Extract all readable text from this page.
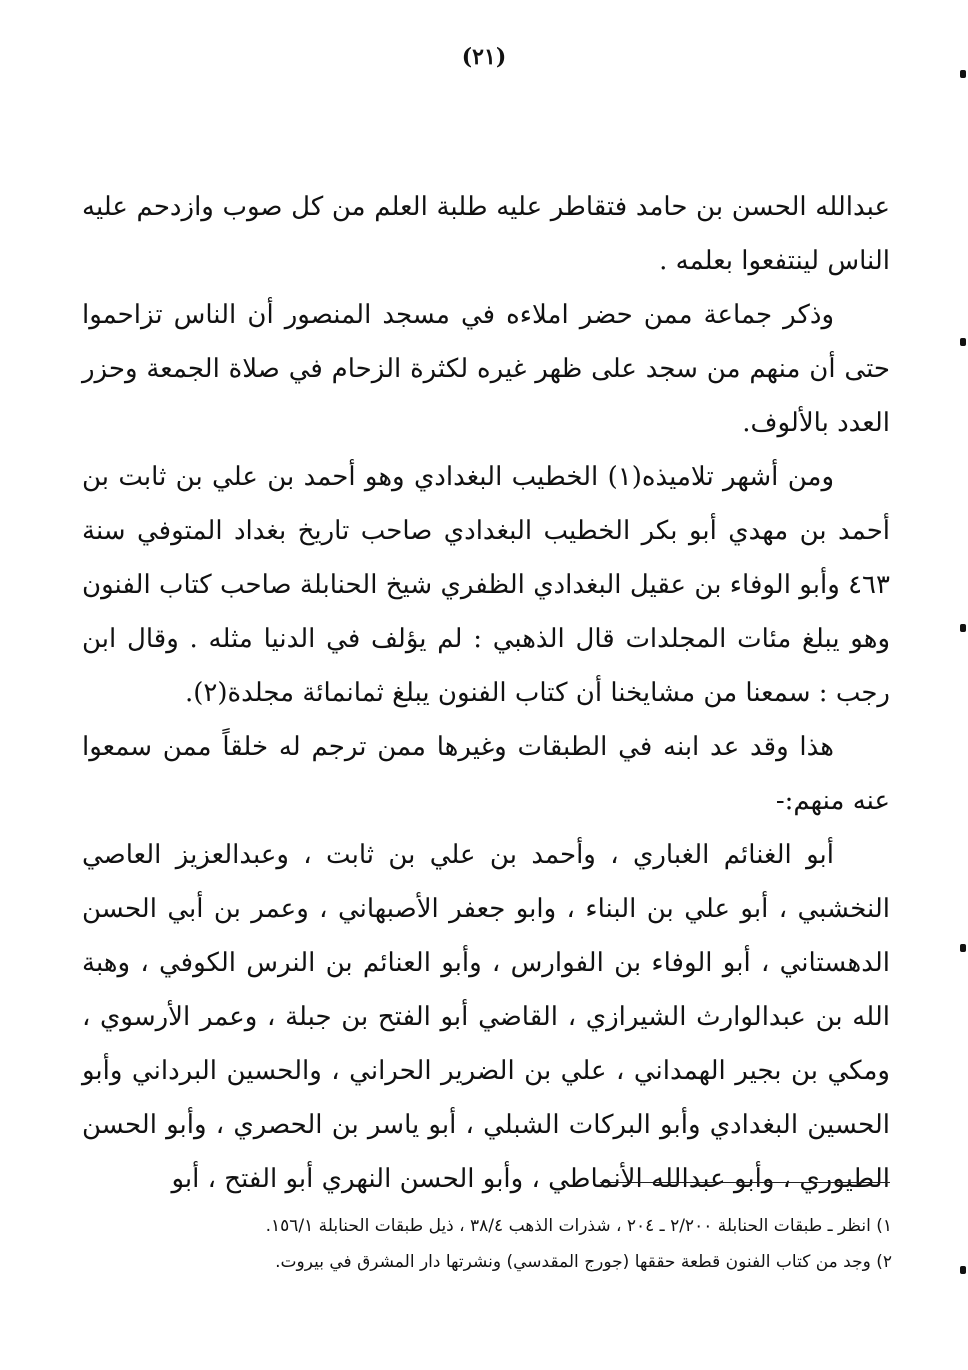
(٢١)

عبدالله الحسن بن حامد فتقاطر عليه طلبة العلم من كل صوب وازدحم عليه الناس لينتفعوا بعلمه .

وذكر جماعة ممن حضر املاءه في مسجد المنصور أن الناس تزاحموا حتى أن منهم من سجد على ظهر غيره لكثرة الزحام في صلاة الجمعة وحزر العدد بالألوف.

ومن أشهر تلاميذه(١) الخطيب البغدادي وهو أحمد بن علي بن ثابت بن أحمد بن مهدي أبو بكر الخطيب البغدادي صاحب تاريخ بغداد المتوفي سنة ٤٦٣ وأبو الوفاء بن عقيل البغدادي الظفري شيخ الحنابلة صاحب كتاب الفنون وهو يبلغ مئات المجلدات قال الذهبي : لم يؤلف في الدنيا مثله . وقال ابن رجب : سمعنا من مشايخنا أن كتاب الفنون يبلغ ثمانمائة مجلدة(٢).

هذا وقد عد ابنه في الطبقات وغيرها ممن ترجم له خلقاً ممن سمعوا عنه منهم:-

أبو الغنائم الغباري ، وأحمد بن علي بن ثابت ، وعبدالعزيز العاصي النخشبي ، أبو علي بن البناء ، وابو جعفر الأصبهاني ، وعمر بن أبي الحسن الدهستاني ، أبو الوفاء بن الفوارس ، وأبو العنائم بن النرس الكوفي ، وهبة الله بن عبدالوارث الشيرازي ، القاضي أبو الفتح بن جبلة ، وعمر الأرسوي ، ومكي بن بجير الهمداني ، علي بن الضرير الحراني ، والحسين البرداني وأبو الحسين البغدادي وأبو البركات الشبلي ، أبو ياسر بن الحصري ، وأبو الحسن الطيوري ، وأبو عبدالله الأنماطي ، وأبو الحسن النهري أبو الفتح ، أبو

١) انظر ـ طبقات الحنابلة ٢/٢٠٠ ـ ٢٠٤ ، شذرات الذهب ٣٨/٤ ، ذيل طبقات الحنابلة ١٥٦/١.

٢) وجد من كتاب الفنون قطعة حققها (جورج المقدسي) ونشرتها دار المشرق في بيروت.
